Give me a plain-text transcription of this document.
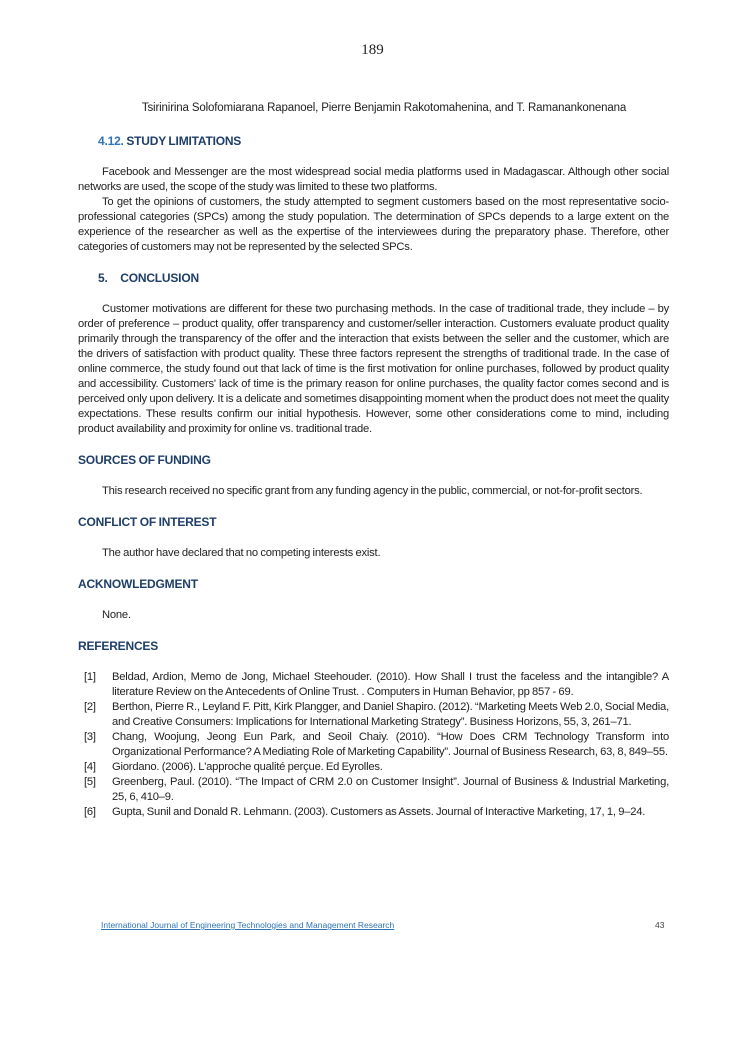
189
Tsirinirina Solofomiarana Rapanoel, Pierre Benjamin Rakotomahenina, and T. Ramanankonenana
4.12. STUDY LIMITATIONS

Facebook and Messenger are the most widespread social media platforms used in Madagascar. Although other social networks are used, the scope of the study was limited to these two platforms.

To get the opinions of customers, the study attempted to segment customers based on the most representative socio-professional categories (SPCs) among the study population. The determination of SPCs depends to a large extent on the experience of the researcher as well as the expertise of the interviewees during the preparatory phase. Therefore, other categories of customers may not be represented by the selected SPCs.

5. CONCLUSION

Customer motivations are different for these two purchasing methods. In the case of traditional trade, they include – by order of preference – product quality, offer transparency and customer/seller interaction. Customers evaluate product quality primarily through the transparency of the offer and the interaction that exists between the seller and the customer, which are the drivers of satisfaction with product quality. These three factors represent the strengths of traditional trade. In the case of online commerce, the study found out that lack of time is the first motivation for online purchases, followed by product quality and accessibility. Customers' lack of time is the primary reason for online purchases, the quality factor comes second and is perceived only upon delivery. It is a delicate and sometimes disappointing moment when the product does not meet the quality expectations. These results confirm our initial hypothesis. However, some other considerations come to mind, including product availability and proximity for online vs. traditional trade.

SOURCES OF FUNDING

This research received no specific grant from any funding agency in the public, commercial, or not-for-profit sectors.

CONFLICT OF INTEREST

The author have declared that no competing interests exist.

ACKNOWLEDGMENT

None.

REFERENCES
[1]	Beldad, Ardion, Memo de Jong, Michael Steehouder. (2010). How Shall I trust the faceless and the intangible? A literature Review on the Antecedents of Online Trust. . Computers in Human Behavior, pp 857 - 69.
[2]	Berthon, Pierre R., Leyland F. Pitt, Kirk Plangger, and Daniel Shapiro. (2012). “Marketing Meets Web 2.0, Social Media, and Creative Consumers: Implications for International Marketing Strategy”. Business Horizons, 55, 3, 261–71.
[3]	Chang, Woojung, Jeong Eun Park, and Seoil Chaiy. (2010). “How Does CRM Technology Transform into Organizational Performance? A Mediating Role of Marketing Capability”. Journal of Business Research, 63, 8, 849–55.
[4]	Giordano. (2006). L'approche qualité perçue. Ed Eyrolles.
[5]	Greenberg, Paul. (2010). “The Impact of CRM 2.0 on Customer Insight”. Journal of Business & Industrial Marketing, 25, 6, 410–9.
[6]	Gupta, Sunil and Donald R. Lehmann. (2003). Customers as Assets. Journal of Interactive Marketing, 17, 1, 9–24.
International Journal of Engineering Technologies and Management Research	43
